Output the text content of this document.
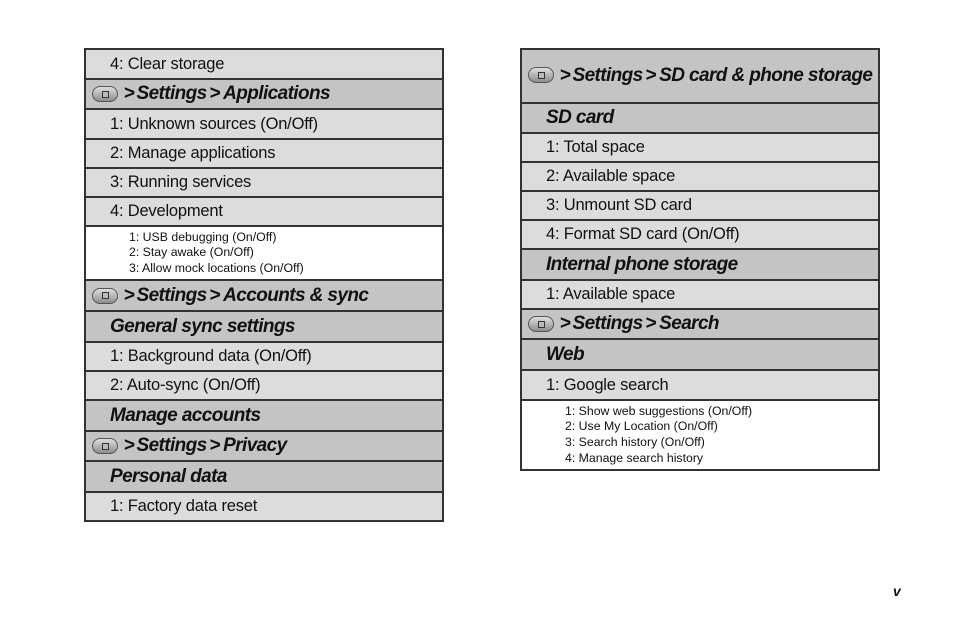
4: Clear storage
> Settings > Applications
1: Unknown sources (On/Off)
2: Manage applications
3: Running services
4: Development
1: USB debugging (On/Off)
2: Stay awake (On/Off)
3: Allow mock locations (On/Off)
> Settings > Accounts & sync
General sync settings
1: Background data (On/Off)
2: Auto-sync (On/Off)
Manage accounts
> Settings > Privacy
Personal data
1: Factory data reset
> Settings > SD card & phone storage
SD card
1: Total space
2: Available space
3: Unmount SD card
4: Format SD card (On/Off)
Internal phone storage
1: Available space
> Settings > Search
Web
1: Google search
1: Show web suggestions (On/Off)
2: Use My Location (On/Off)
3: Search history (On/Off)
4: Manage search history
v
